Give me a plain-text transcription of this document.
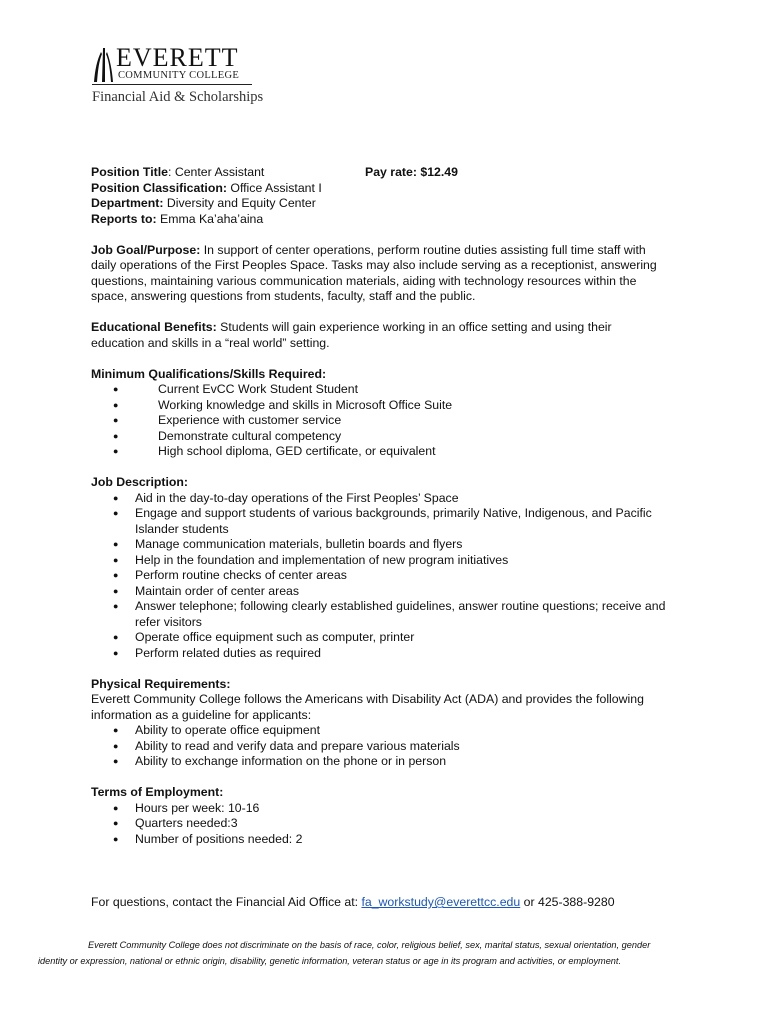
EVERETT
COMMUNITY COLLEGE
Financial Aid & Scholarships
Pay rate: $12.49
Position Title: Center Assistant
Position Classification: Office Assistant I
Department: Diversity and Equity Center
Reports to: Emma Ka’aha’aina
Job Goal/Purpose: In support of center operations, perform routine duties assisting full time staff with
daily operations of the First Peoples Space. Tasks may also include serving as a receptionist, answering
questions, maintaining various communication materials, aiding with technology resources within the
space, answering questions from students, faculty, staff and the public.
Educational Benefits: Students will gain experience working in an office setting and using their
education and skills in a “real world” setting.
Minimum Qualifications/Skills Required:
● Current EvCC Work Student Student
● Working knowledge and skills in Microsoft Office Suite
● Experience with customer service
● Demonstrate cultural competency
● High school diploma, GED certificate, or equivalent
Job Description:
● Aid in the day-to-day operations of the First Peoples’ Space
● Engage and support students of various backgrounds, primarily Native, Indigenous, and Pacific
Islander students
● Manage communication materials, bulletin boards and flyers
● Help in the foundation and implementation of new program initiatives
● Perform routine checks of center areas
● Maintain order of center areas
● Answer telephone; following clearly established guidelines, answer routine questions; receive and
refer visitors
● Operate office equipment such as computer, printer
● Perform related duties as required
Physical Requirements:
Everett Community College follows the Americans with Disability Act (ADA) and provides the following
information as a guideline for applicants:
● Ability to operate office equipment
● Ability to read and verify data and prepare various materials
● Ability to exchange information on the phone or in person
Terms of Employment:
● Hours per week: 10-16
● Quarters needed:3
● Number of positions needed: 2
For questions, contact the Financial Aid Office at: fa_workstudy@everettcc.edu or 425-388-9280
Everett Community College does not discriminate on the basis of race, color, religious belief, sex, marital status, sexual orientation, gender
identity or expression, national or ethnic origin, disability, genetic information, veteran status or age in its program and activities, or employment.
